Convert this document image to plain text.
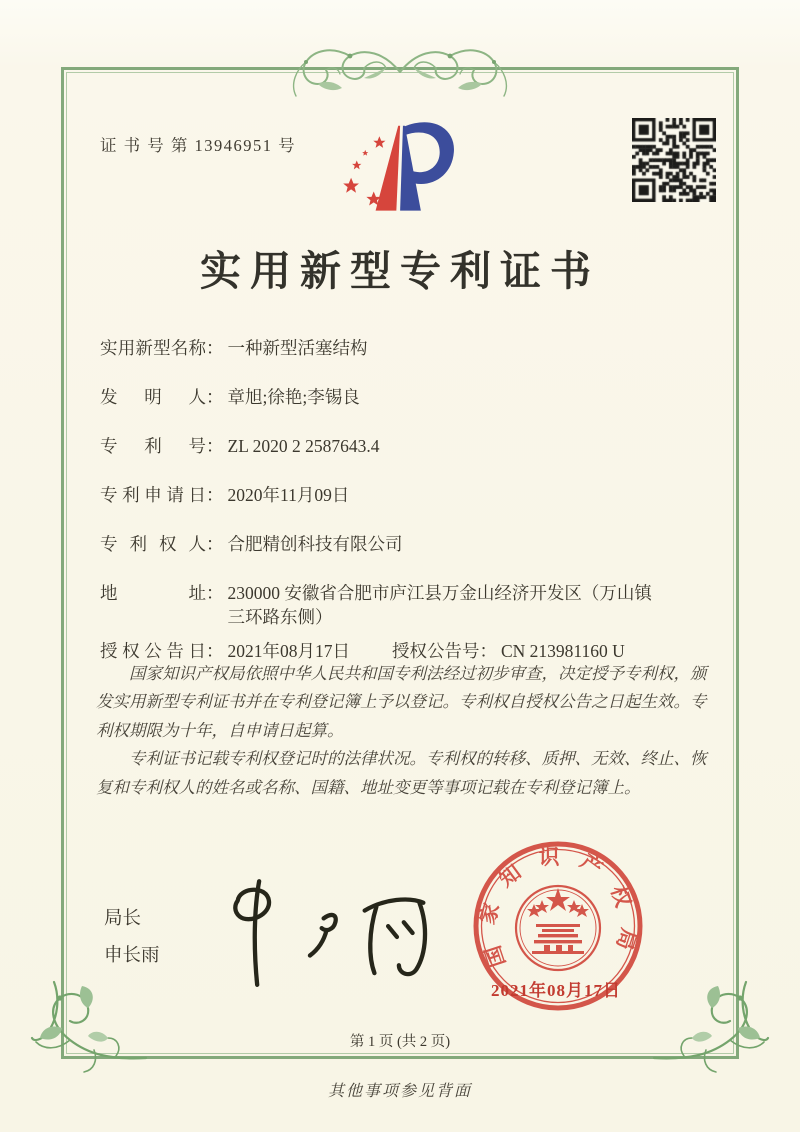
证 书 号 第 13946951 号
实用新型专利证书
实用新型名称： 一种新型活塞结构
发明人： 章旭;徐艳;李锡良
专利号： ZL 2020 2 2587643.4
专利申请日： 2020年11月09日
专利权人： 合肥精创科技有限公司
地址： 230000 安徽省合肥市庐江县万金山经济开发区（万山镇三环路东侧）
授权公告日： 2021年08月17日 授权公告号： CN 213981160 U

国家知识产权局依照中华人民共和国专利法经过初步审查，决定授予专利权，颁发实用新型专利证书并在专利登记簿上予以登记。专利权自授权公告之日起生效。专利权期限为十年，自申请日起算。

专利证书记载专利权登记时的法律状况。专利权的转移、质押、无效、终止、恢复和专利权人的姓名或名称、国籍、地址变更等事项记载在专利登记簿上。

局长
申长雨	国家知识产权局
2021年08月17日
第 1 页 (共 2 页)
其他事项参见背面
